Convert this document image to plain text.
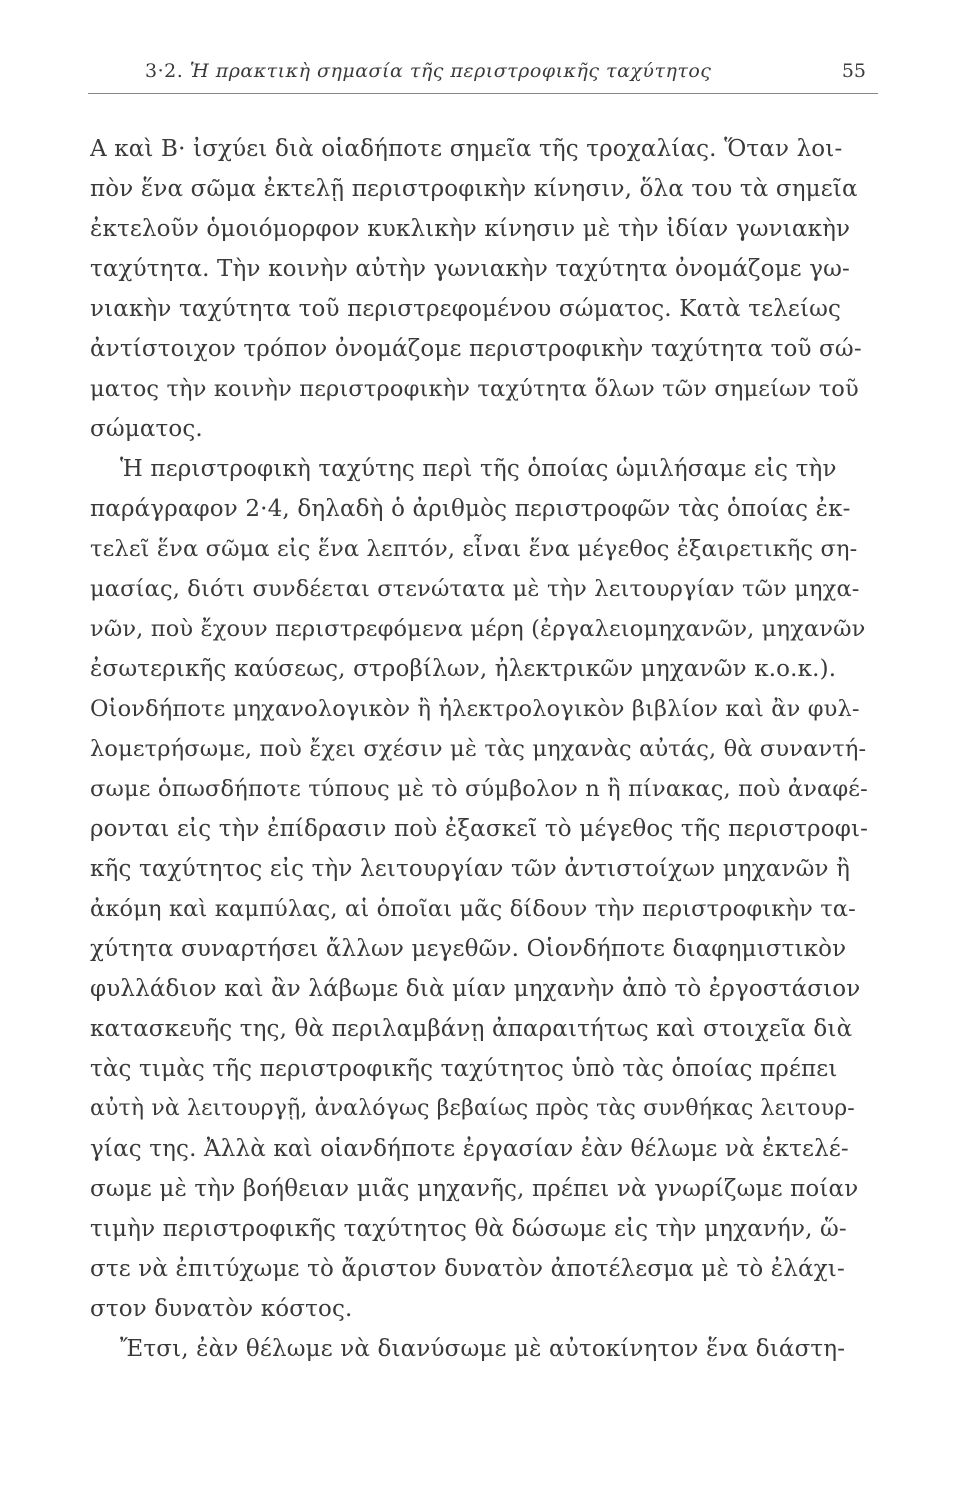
3·2. Ἡ πρακτικὴ σημασία τῆς περιστροφικῆς ταχύτητος	55
Α καὶ Β· ἰσχύει διὰ οἱαδήποτε σημεῖα τῆς τροχαλίας. Ὅταν λοι-
πὸν ἕνα σῶμα ἐκτελῇ περιστροφικὴν κίνησιν, ὅλα του τὰ σημεῖα
ἐκτελοῦν ὁμοιόμορφον κυκλικὴν κίνησιν μὲ τὴν ἰδίαν γωνιακὴν
ταχύτητα. Τὴν κοινὴν αὐτὴν γωνιακὴν ταχύτητα ὀνομάζομε γω-
νιακὴν ταχύτητα τοῦ περιστρεφομένου σώματος. Κατὰ τελείως
ἀντίστοιχον τρόπον ὀνομάζομε περιστροφικὴν ταχύτητα τοῦ σώ-
ματος τὴν κοινὴν περιστροφικὴν ταχύτητα ὅλων τῶν σημείων τοῦ
σώματος.
Ἡ περιστροφικὴ ταχύτης περὶ τῆς ὁποίας ὡμιλήσαμε εἰς τὴν
παράγραφον 2·4, δηλαδὴ ὁ ἀριθμὸς περιστροφῶν τὰς ὁποίας ἐκ-
τελεῖ ἕνα σῶμα εἰς ἕνα λεπτόν, εἶναι ἕνα μέγεθος ἐξαιρετικῆς ση-
μασίας, διότι συνδέεται στενώτατα μὲ τὴν λειτουργίαν τῶν μηχα-
νῶν, ποὺ ἔχουν περιστρεφόμενα μέρη (ἐργαλειομηχανῶν, μηχανῶν
ἐσωτερικῆς καύσεως, στροβίλων, ἠλεκτρικῶν μηχανῶν κ.ο.κ.).
Οἱονδήποτε μηχανολογικὸν ἢ ἠλεκτρολογικὸν βιβλίον καὶ ἂν φυλ-
λομετρήσωμε, ποὺ ἔχει σχέσιν μὲ τὰς μηχανὰς αὐτάς, θὰ συναντή-
σωμε ὁπωσδήποτε τύπους μὲ τὸ σύμβολον n ἢ πίνακας, ποὺ ἀναφέ-
ρονται εἰς τὴν ἐπίδρασιν ποὺ ἐξασκεῖ τὸ μέγεθος τῆς περιστροφι-
κῆς ταχύτητος εἰς τὴν λειτουργίαν τῶν ἀντιστοίχων μηχανῶν ἢ
ἀκόμη καὶ καμπύλας, αἱ ὁποῖαι μᾶς δίδουν τὴν περιστροφικὴν τα-
χύτητα συναρτήσει ἄλλων μεγεθῶν. Οἱονδήποτε διαφημιστικὸν
φυλλάδιον καὶ ἂν λάβωμε διὰ μίαν μηχανὴν ἀπὸ τὸ ἐργοστάσιον
κατασκευῆς της, θὰ περιλαμβάνῃ ἀπαραιτήτως καὶ στοιχεῖα διὰ
τὰς τιμὰς τῆς περιστροφικῆς ταχύτητος ὑπὸ τὰς ὁποίας πρέπει
αὐτὴ νὰ λειτουργῇ, ἀναλόγως βεβαίως πρὸς τὰς συνθήκας λειτουρ-
γίας της. Ἀλλὰ καὶ οἱανδήποτε ἐργασίαν ἐὰν θέλωμε νὰ ἐκτελέ-
σωμε μὲ τὴν βοήθειαν μιᾶς μηχανῆς, πρέπει νὰ γνωρίζωμε ποίαν
τιμὴν περιστροφικῆς ταχύτητος θὰ δώσωμε εἰς τὴν μηχανήν, ὥ-
στε νὰ ἐπιτύχωμε τὸ ἄριστον δυνατὸν ἀποτέλεσμα μὲ τὸ ἐλάχι-
στον δυνατὸν κόστος.
Ἔτσι, ἐὰν θέλωμε νὰ διανύσωμε μὲ αὐτοκίνητον ἕνα διάστη-
